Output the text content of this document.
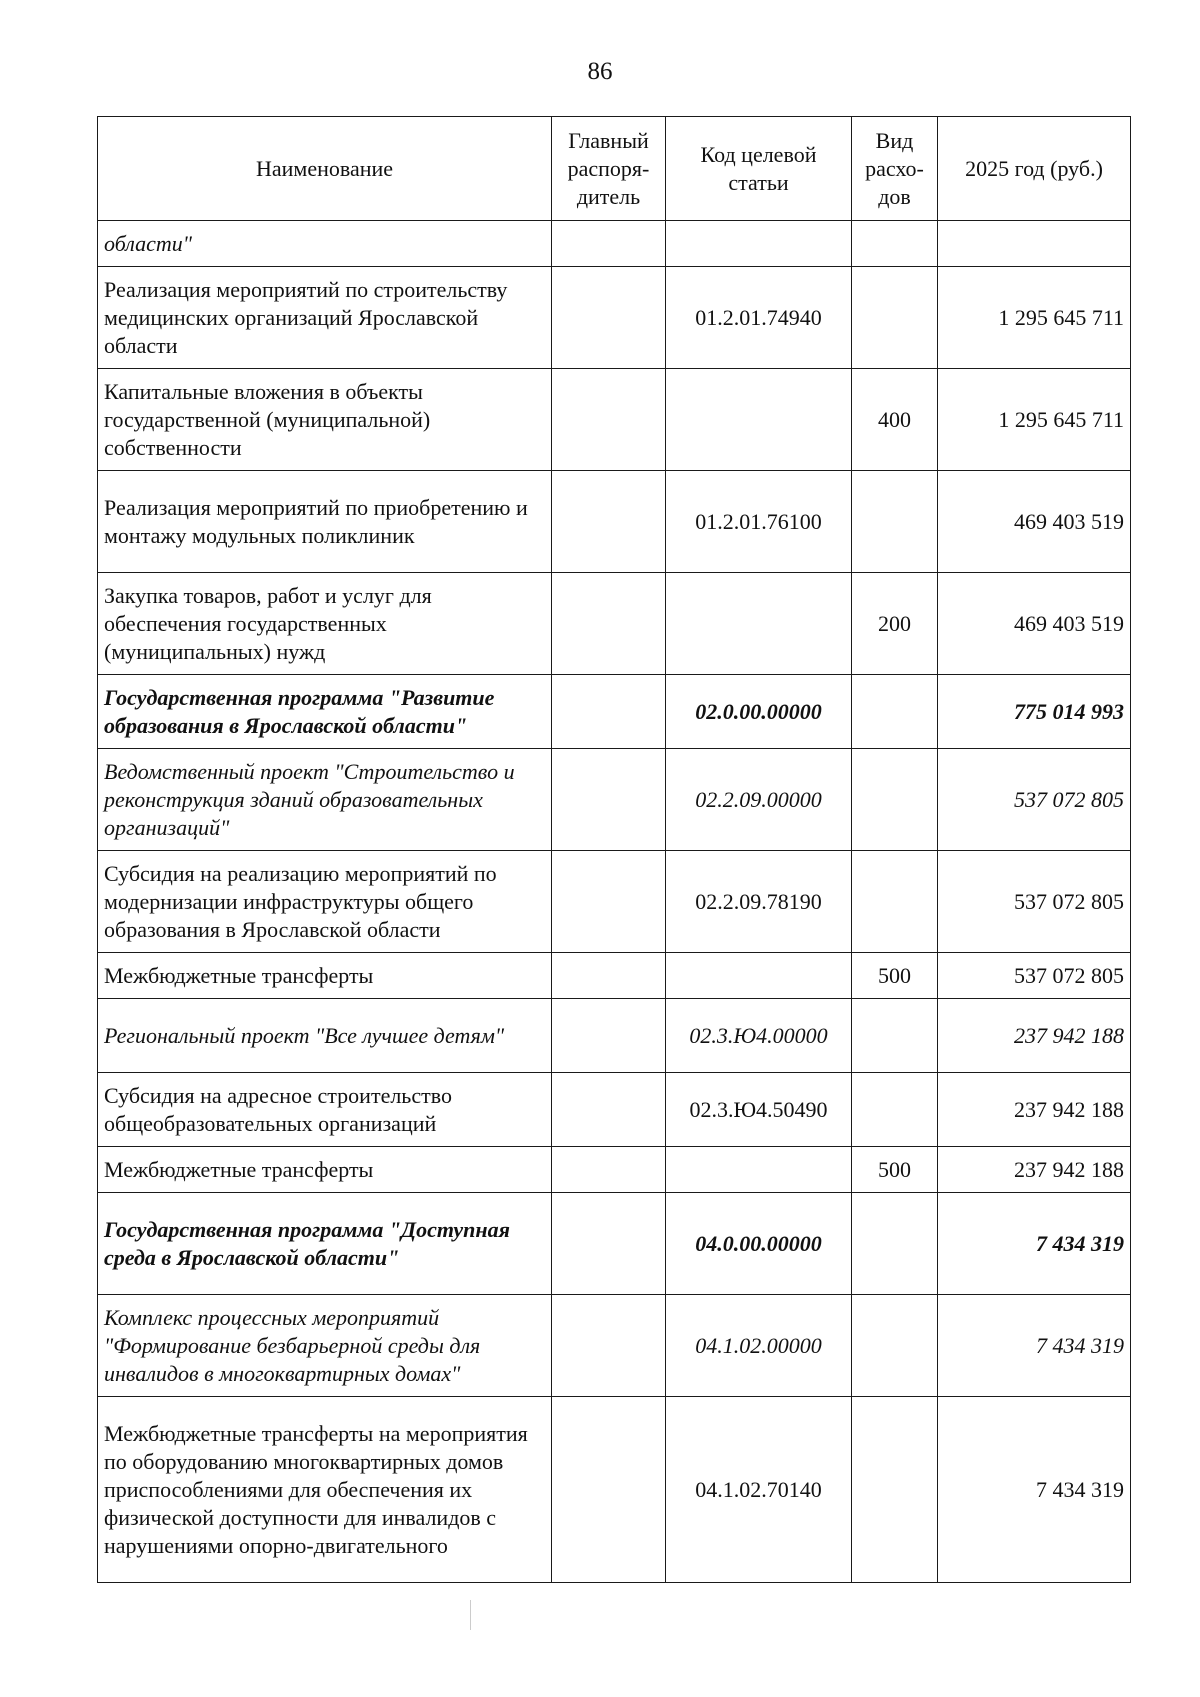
86
Наименование	Главный распоря-дитель	Код целевой статьи	Вид расхо-дов	2025 год (руб.)
области"				
Реализация мероприятий по строительству медицинских организаций Ярославской области		01.2.01.74940		1 295 645 711
Капитальные вложения в объекты государственной (муниципальной) собственности			400	1 295 645 711
Реализация мероприятий по приобретению и монтажу модульных поликлиник		01.2.01.76100		469 403 519
Закупка товаров, работ и услуг для обеспечения государственных (муниципальных) нужд			200	469 403 519
Государственная программа "Развитие образования в Ярославской области"		02.0.00.00000		775 014 993
Ведомственный проект "Строительство и реконструкция зданий образовательных организаций"		02.2.09.00000		537 072 805
Субсидия на реализацию мероприятий по модернизации инфраструктуры общего образования в Ярославской области		02.2.09.78190		537 072 805
Межбюджетные трансферты			500	537 072 805
Региональный проект "Все лучшее детям"		02.3.Ю4.00000		237 942 188
Субсидия на адресное строительство общеобразовательных организаций		02.3.Ю4.50490		237 942 188
Межбюджетные трансферты			500	237 942 188
Государственная программа "Доступная среда в Ярославской области"		04.0.00.00000		7 434 319
Комплекс процессных мероприятий "Формирование безбарьерной среды для инвалидов в многоквартирных домах"		04.1.02.00000		7 434 319
Межбюджетные трансферты на мероприятия по оборудованию многоквартирных домов приспособлениями для обеспечения их физической доступности для инвалидов с нарушениями опорно-двигательного		04.1.02.70140		7 434 319
